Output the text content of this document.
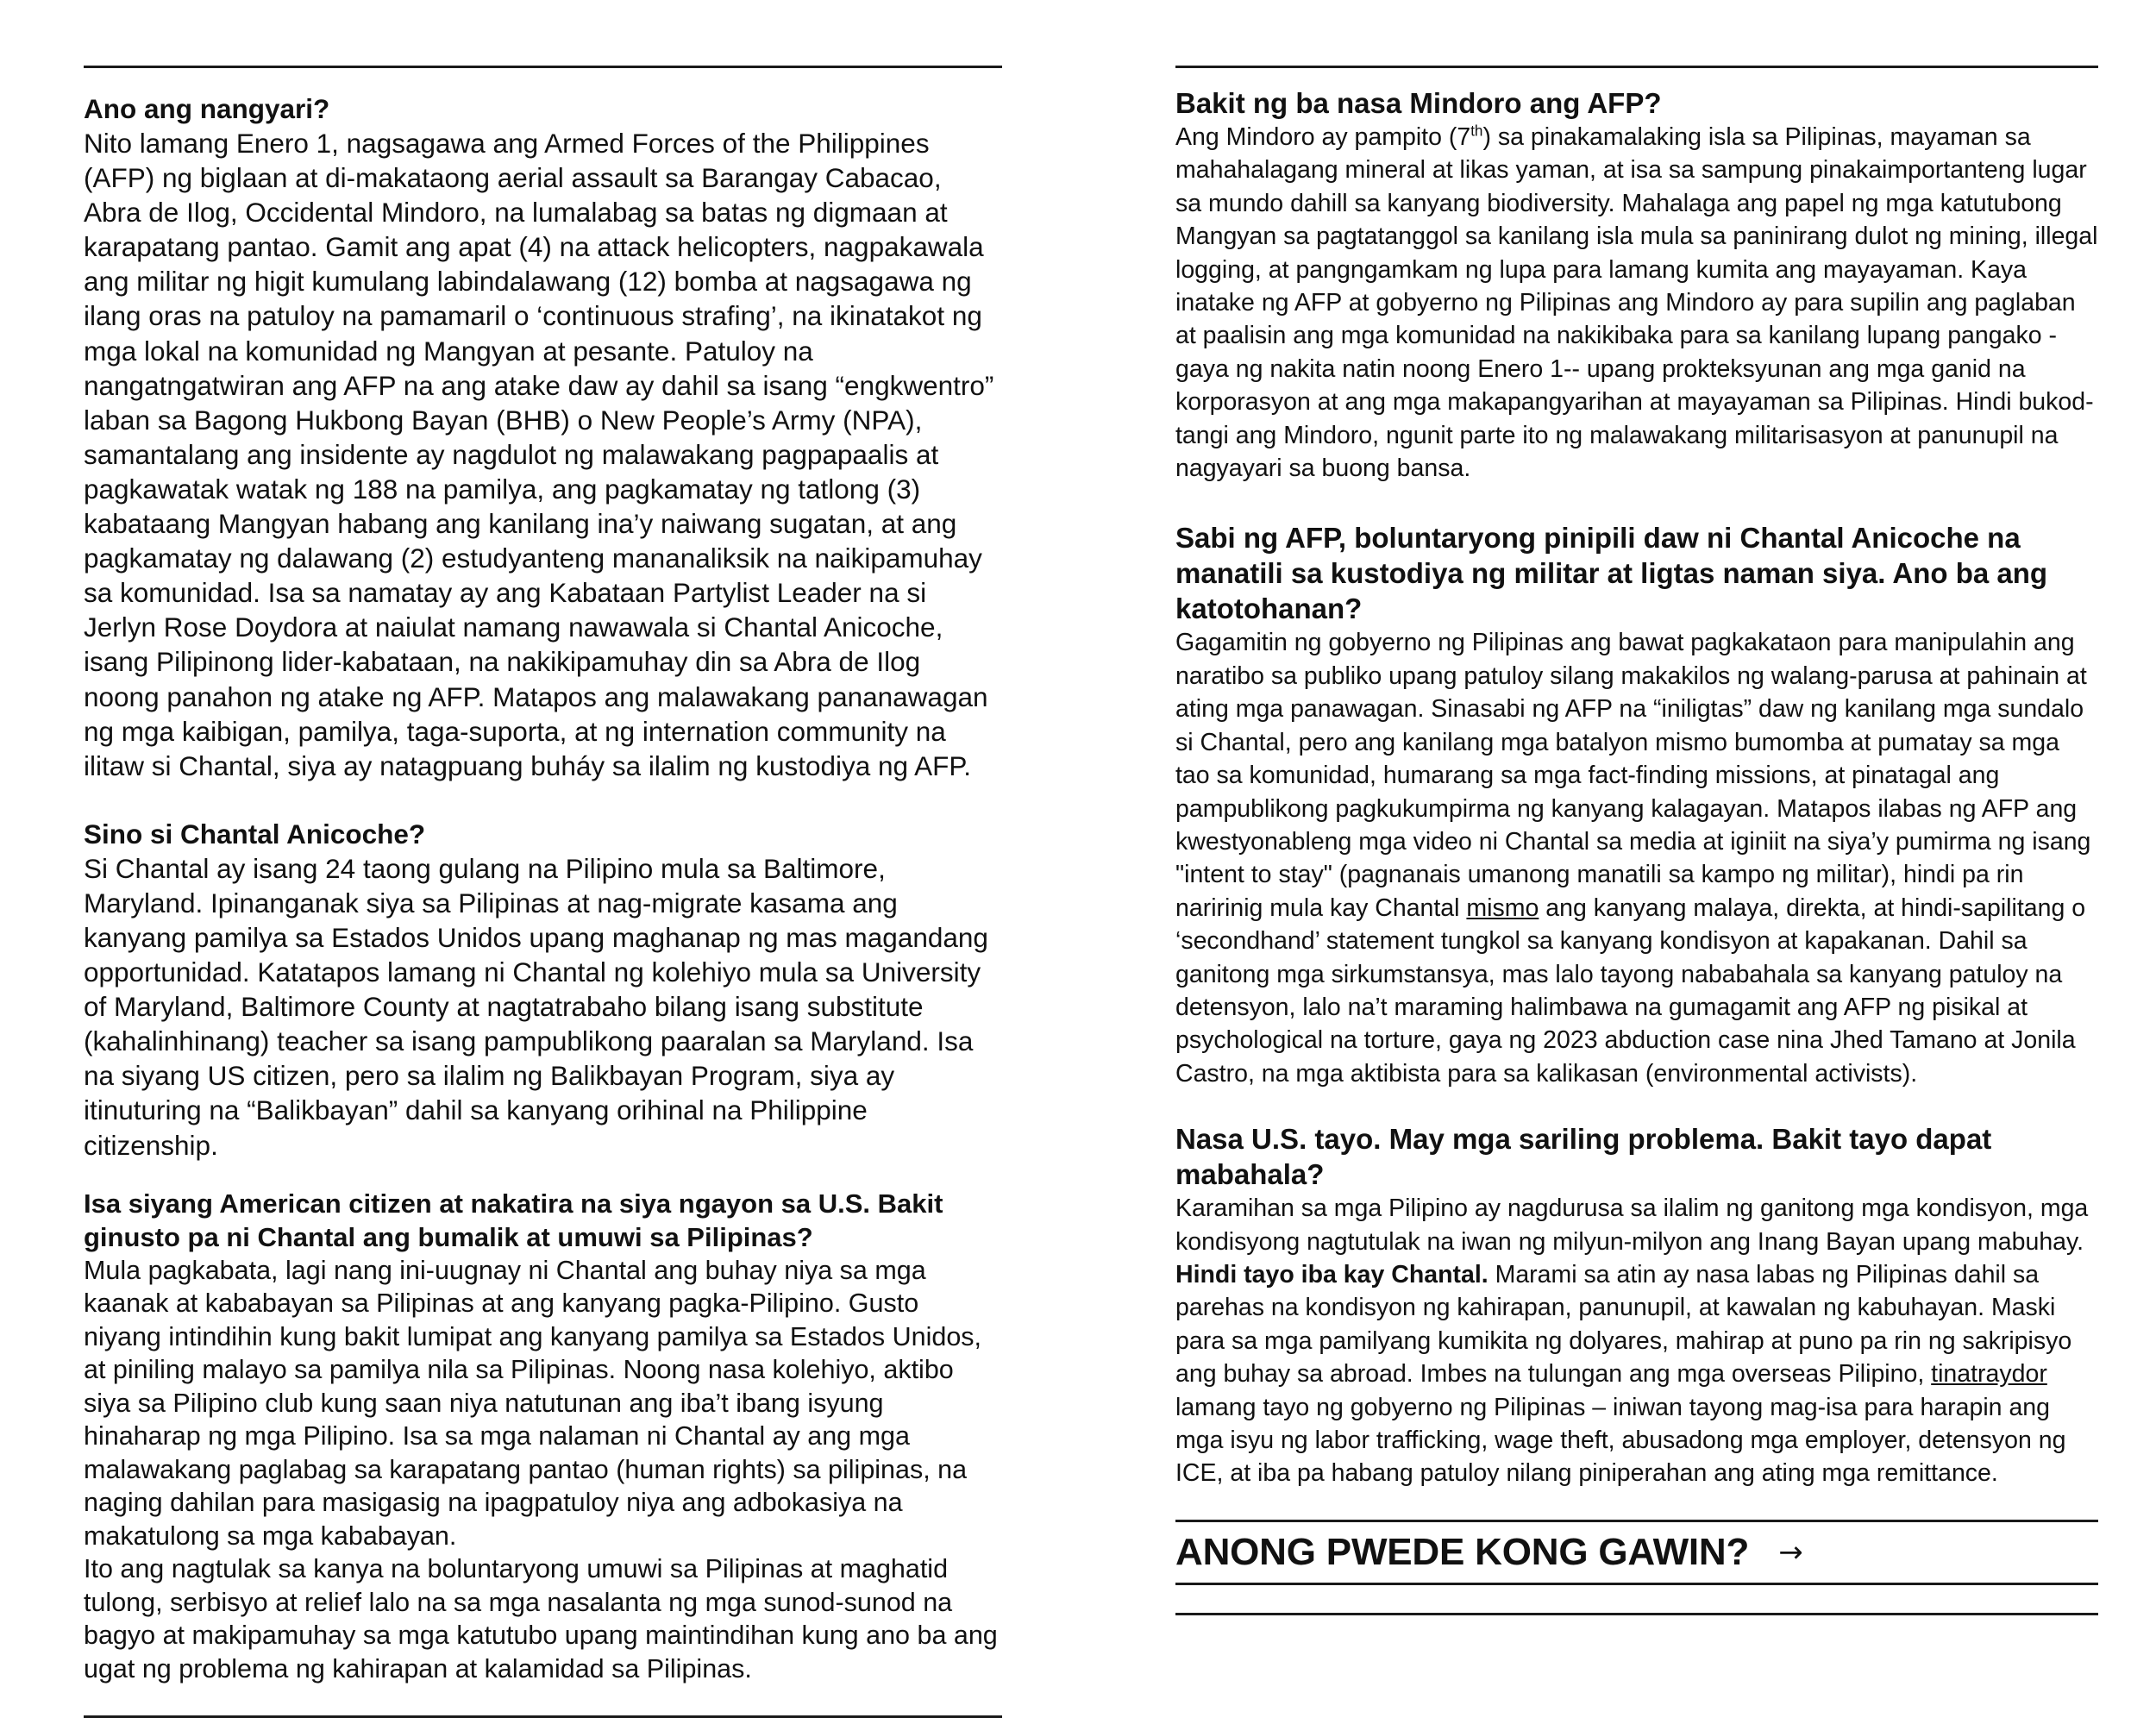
Ano ang nangyari?

Nito lamang Enero 1, nagsagawa ang Armed Forces of the Philippines (AFP) ng biglaan at di-makataong aerial assault sa Barangay Cabacao, Abra de Ilog, Occidental Mindoro, na lumalabag sa batas ng digmaan at karapatang pantao. Gamit ang apat (4) na attack helicopters, nagpakawala ang militar ng higit kumulang labindalawang (12) bomba at nagsagawa ng ilang oras na patuloy na pamamaril o ‘continuous strafing’, na ikinatakot ng mga lokal na komunidad ng Mangyan at pesante. Patuloy na nangatngatwiran ang AFP na ang atake daw ay dahil sa isang “engkwentro” laban sa Bagong Hukbong Bayan (BHB) o New People’s Army (NPA), samantalang ang insidente ay nagdulot ng malawakang pagpapaalis at pagkawatak watak ng 188 na pamilya, ang pagkamatay ng tatlong (3) kabataang Mangyan habang ang kanilang ina’y naiwang sugatan, at ang pagkamatay ng dalawang (2) estudyanteng mananaliksik na naikipamuhay sa komunidad. Isa sa namatay ay ang Kabataan Partylist Leader na si Jerlyn Rose Doydora at naiulat namang nawawala si Chantal Anicoche, isang Pilipinong lider-kabataan, na nakikipamuhay din sa Abra de Ilog noong panahon ng atake ng AFP. Matapos ang malawakang pananawagan ng mga kaibigan, pamilya, taga-suporta, at ng internation community na ilitaw si Chantal, siya ay natagpuang buháy sa ilalim ng kustodiya ng AFP.

Sino si Chantal Anicoche?

Si Chantal ay isang 24 taong gulang na Pilipino mula sa Baltimore, Maryland. Ipinanganak siya sa Pilipinas at nag-migrate kasama ang kanyang pamilya sa Estados Unidos upang maghanap ng mas magandang opportunidad. Katatapos lamang ni Chantal ng kolehiyo mula sa University of Maryland, Baltimore County at nagtatrabaho bilang isang substitute (kahalinhinang) teacher sa isang pampublikong paaralan sa Maryland. Isa na siyang US citizen, pero sa ilalim ng Balikbayan Program, siya ay itinuturing na “Balikbayan” dahil sa kanyang orihinal na Philippine citizenship.

Isa siyang American citizen at nakatira na siya ngayon sa U.S. Bakit ginusto pa ni Chantal ang bumalik at umuwi sa Pilipinas?

Mula pagkabata, lagi nang ini-uugnay ni Chantal ang buhay niya sa mga kaanak at kababayan sa Pilipinas at ang kanyang pagka-Pilipino. Gusto niyang intindihin kung bakit lumipat ang kanyang pamilya sa Estados Unidos, at piniling malayo sa pamilya nila sa Pilipinas. Noong nasa kolehiyo, aktibo siya sa Pilipino club kung saan niya natutunan ang iba’t ibang isyung hinaharap ng mga Pilipino. Isa sa mga nalaman ni Chantal ay ang mga malawakang paglabag sa karapatang pantao (human rights) sa pilipinas, na naging dahilan para masigasig na ipagpatuloy niya ang adbokasiya na makatulong sa mga kababayan.

Ito ang nagtulak sa kanya na boluntaryong umuwi sa Pilipinas at maghatid tulong, serbisyo at relief lalo na sa mga nasalanta ng mga sunod-sunod na bagyo at makipamuhay sa mga katutubo upang maintindihan kung ano ba ang ugat ng problema ng kahirapan at kalamidad sa Pilipinas.

Bakit ng ba nasa Mindoro ang AFP?

Ang Mindoro ay pampito (7th) sa pinakamalaking isla sa Pilipinas, mayaman sa mahahalagang mineral at likas yaman, at isa sa sampung pinakaimportanteng lugar sa mundo dahill sa kanyang biodiversity. Mahalaga ang papel ng mga katutubong Mangyan sa pagtatanggol sa kanilang isla mula sa paninirang dulot ng mining, illegal logging, at pangngamkam ng lupa para lamang kumita ang mayayaman. Kaya inatake ng AFP at gobyerno ng Pilipinas ang Mindoro ay para supilin ang paglaban at paalisin ang mga komunidad na nakikibaka para sa kanilang lupang pangako - gaya ng nakita natin noong Enero 1-- upang prokteksyunan ang mga ganid na korporasyon at ang mga makapangyarihan at mayayaman sa Pilipinas. Hindi bukod-tangi ang Mindoro, ngunit parte ito ng malawakang militarisasyon at panunupil na nagyayari sa buong bansa.

Sabi ng AFP, boluntaryong pinipili daw ni Chantal Anicoche na manatili sa kustodiya ng militar at ligtas naman siya. Ano ba ang katotohanan?

Gagamitin ng gobyerno ng Pilipinas ang bawat pagkakataon para manipulahin ang naratibo sa publiko upang patuloy silang makakilos ng walang-parusa at pahinain at ating mga panawagan. Sinasabi ng AFP na “iniligtas” daw ng kanilang mga sundalo si Chantal, pero ang kanilang mga batalyon mismo bumomba at pumatay sa mga tao sa komunidad, humarang sa mga fact-finding missions, at pinatagal ang pampublikong pagkukumpirma ng kanyang kalagayan. Matapos ilabas ng AFP ang kwestyonableng mga video ni Chantal sa media at iginiit na siya’y pumirma ng isang "intent to stay" (pagnanais umanong manatili sa kampo ng militar), hindi pa rin naririnig mula kay Chantal mismo ang kanyang malaya, direkta, at hindi-sapilitang o ‘secondhand’ statement tungkol sa kanyang kondisyon at kapakanan. Dahil sa ganitong mga sirkumstansya, mas lalo tayong nababahala sa kanyang patuloy na detensyon, lalo na’t maraming halimbawa na gumagamit ang AFP ng pisikal at psychological na torture, gaya ng 2023 abduction case nina Jhed Tamano at Jonila Castro, na mga aktibista para sa kalikasan (environmental activists).

Nasa U.S. tayo. May mga sariling problema. Bakit tayo dapat mabahala?

Karamihan sa mga Pilipino ay nagdurusa sa ilalim ng ganitong mga kondisyon, mga kondisyong nagtutulak na iwan ng milyun-milyon ang Inang Bayan upang mabuhay. Hindi tayo iba kay Chantal. Marami sa atin ay nasa labas ng Pilipinas dahil sa parehas na kondisyon ng kahirapan, panunupil, at kawalan ng kabuhayan. Maski para sa mga pamilyang kumikita ng dolyares, mahirap at puno pa rin ng sakripisyo ang buhay sa abroad. Imbes na tulungan ang mga overseas Pilipino, tinatraydor lamang tayo ng gobyerno ng Pilipinas – iniwan tayong mag-isa para harapin ang mga isyu ng labor trafficking, wage theft, abusadong mga employer, detensyon ng ICE, at iba pa habang patuloy nilang piniperahan ang ating mga remittance.

ANONG PWEDE KONG GAWIN? →
